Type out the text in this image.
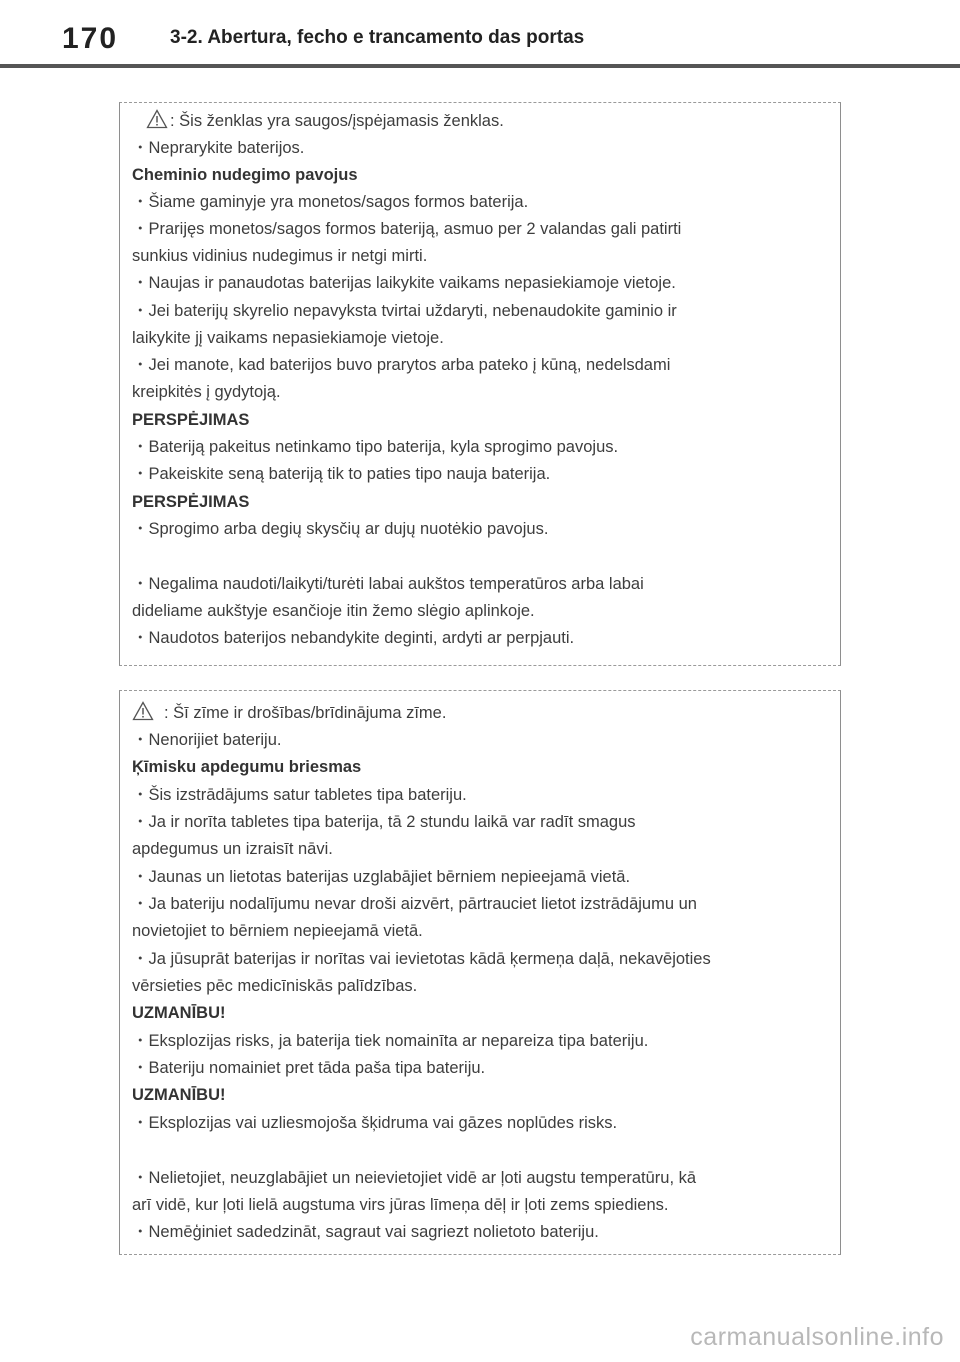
170	3-2. Abertura, fecho e trancamento das portas
: Šis ženklas yra saugos/įspėjamasis ženklas.
・Neprarykite baterijos.
Cheminio nudegimo pavojus
・Šiame gaminyje yra monetos/sagos formos baterija.
・Prarijęs monetos/sagos formos bateriją, asmuo per 2 valandas gali patirti
sunkius vidinius nudegimus ir netgi mirti.
・Naujas ir panaudotas baterijas laikykite vaikams nepasiekiamoje vietoje.
・Jei baterijų skyrelio nepavyksta tvirtai uždaryti, nebenaudokite gaminio ir
laikykite jį vaikams nepasiekiamoje vietoje.
・Jei manote, kad baterijos buvo prarytos arba pateko į kūną, nedelsdami
kreipkitės į gydytoją.
PERSPĖJIMAS
・Bateriją pakeitus netinkamo tipo baterija, kyla sprogimo pavojus.
・Pakeiskite seną bateriją tik to paties tipo nauja baterija.
PERSPĖJIMAS
・Sprogimo arba degių skysčių ar dujų nuotėkio pavojus.
・Negalima naudoti/laikyti/turėti labai aukštos temperatūros arba labai
dideliame aukštyje esančioje itin žemo slėgio aplinkoje.
・Naudotos baterijos nebandykite deginti, ardyti ar perpjauti.
: Šī zīme ir drošības/brīdinājuma zīme.
・Nenorijiet bateriju.
Ķīmisku apdegumu briesmas
・Šis izstrādājums satur tabletes tipa bateriju.
・Ja ir norīta tabletes tipa baterija, tā 2 stundu laikā var radīt smagus
apdegumus un izraisīt nāvi.
・Jaunas un lietotas baterijas uzglabājiet bērniem nepieejamā vietā.
・Ja bateriju nodalījumu nevar droši aizvērt, pārtrauciet lietot izstrādājumu un
novietojiet to bērniem nepieejamā vietā.
・Ja jūsuprāt baterijas ir norītas vai ievietotas kādā ķermeņa daļā, nekavējoties
vērsieties pēc medicīniskās palīdzības.
UZMANĪBU!
・Eksplozijas risks, ja baterija tiek nomainīta ar nepareiza tipa bateriju.
・Bateriju nomainiet pret tāda paša tipa bateriju.
UZMANĪBU!
・Eksplozijas vai uzliesmojoša šķidruma vai gāzes noplūdes risks.
・Nelietojiet, neuzglabājiet un neievietojiet vidē ar ļoti augstu temperatūru, kā
arī vidē, kur ļoti lielā augstuma virs jūras līmeņa dēļ ir ļoti zems spiediens.
・Nemēģiniet sadedzināt, sagraut vai sagriezt nolietoto bateriju.
carmanualsonline.info
